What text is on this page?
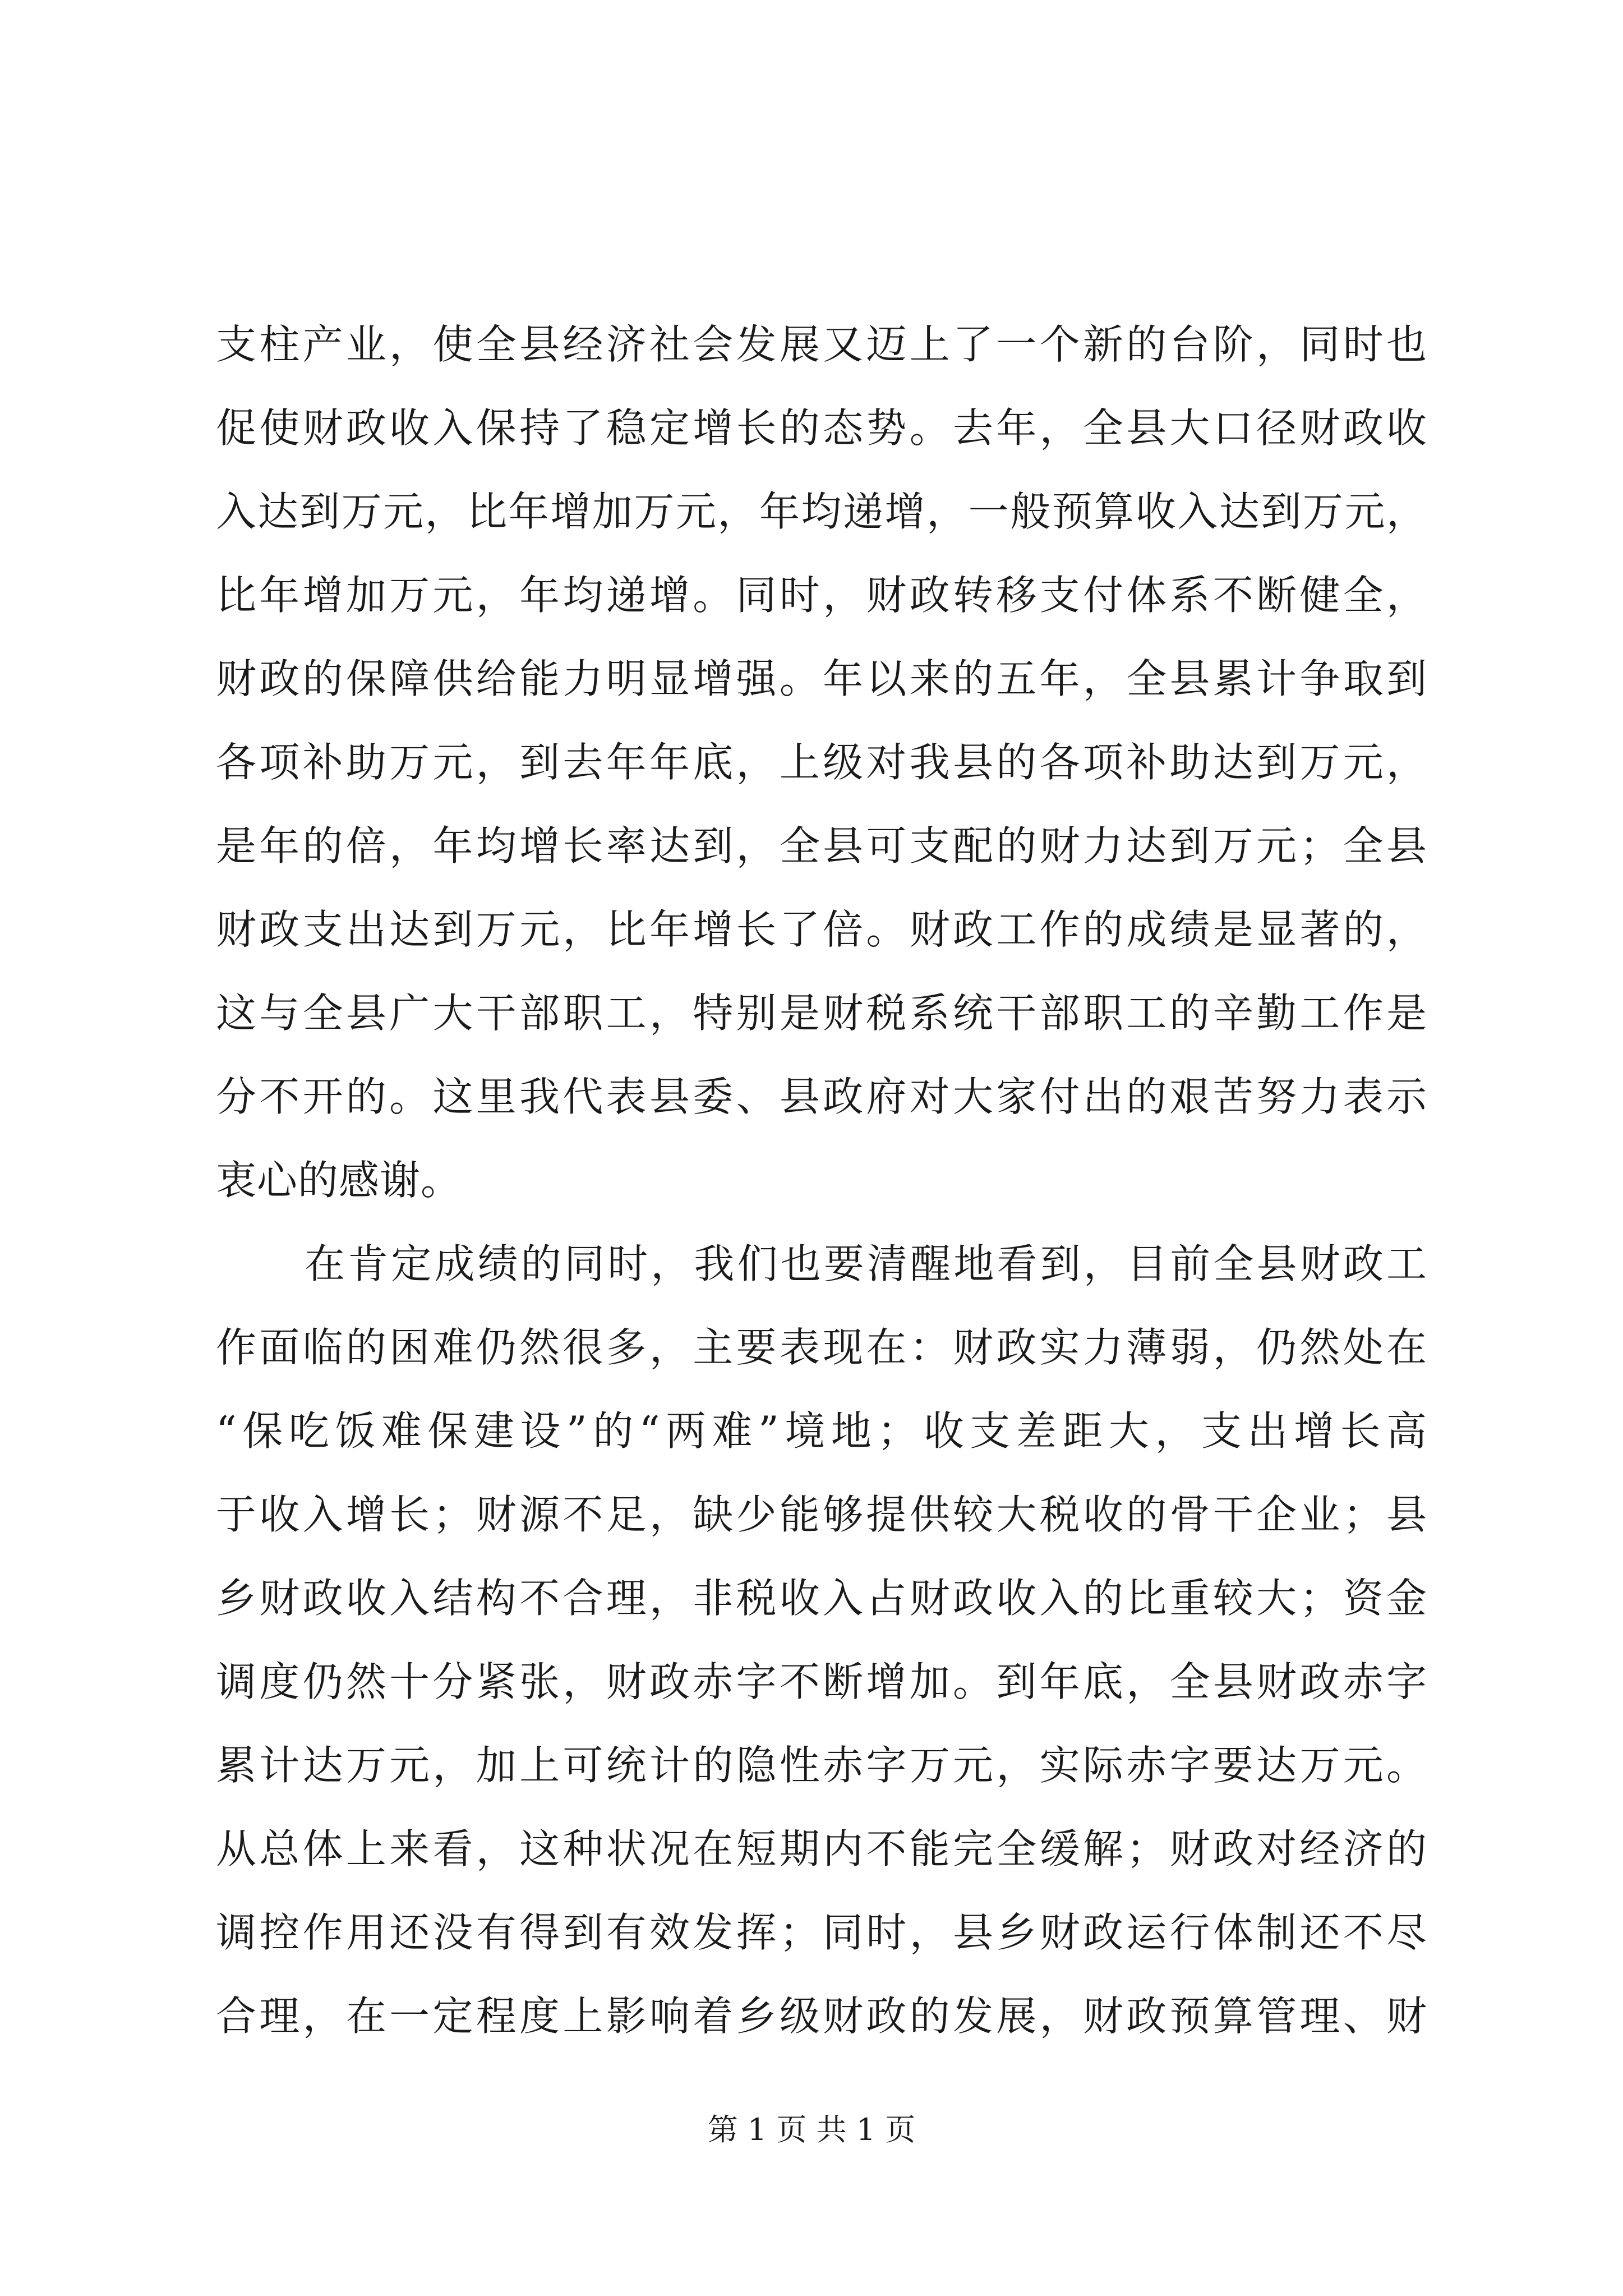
支柱产业，使全县经济社会发展又迈上了一个新的台阶，同时也
促使财政收入保持了稳定增长的态势。去年，全县大口径财政收
入达到万元，比年增加万元，年均递增，一般预算收入达到万元，
比年增加万元，年均递增。同时，财政转移支付体系不断健全，
财政的保障供给能力明显增强。年以来的五年，全县累计争取到
各项补助万元，到去年年底，上级对我县的各项补助达到万元，
是年的倍，年均增长率达到，全县可支配的财力达到万元；全县
财政支出达到万元，比年增长了倍。财政工作的成绩是显著的，
这与全县广大干部职工，特别是财税系统干部职工的辛勤工作是
分不开的。这里我代表县委、县政府对大家付出的艰苦努力表示
衷心的感谢。
在肯定成绩的同时，我们也要清醒地看到，目前全县财政工
作面临的困难仍然很多，主要表现在：财政实力薄弱，仍然处在
“保吃饭难保建设”的“两难”境地；收支差距大，支出增长高
于收入增长；财源不足，缺少能够提供较大税收的骨干企业；县
乡财政收入结构不合理，非税收入占财政收入的比重较大；资金
调度仍然十分紧张，财政赤字不断增加。到年底，全县财政赤字
累计达万元，加上可统计的隐性赤字万元，实际赤字要达万元。
从总体上来看，这种状况在短期内不能完全缓解；财政对经济的
调控作用还没有得到有效发挥；同时，县乡财政运行体制还不尽
合理，在一定程度上影响着乡级财政的发展，财政预算管理、财
第 1 页 共 1 页
